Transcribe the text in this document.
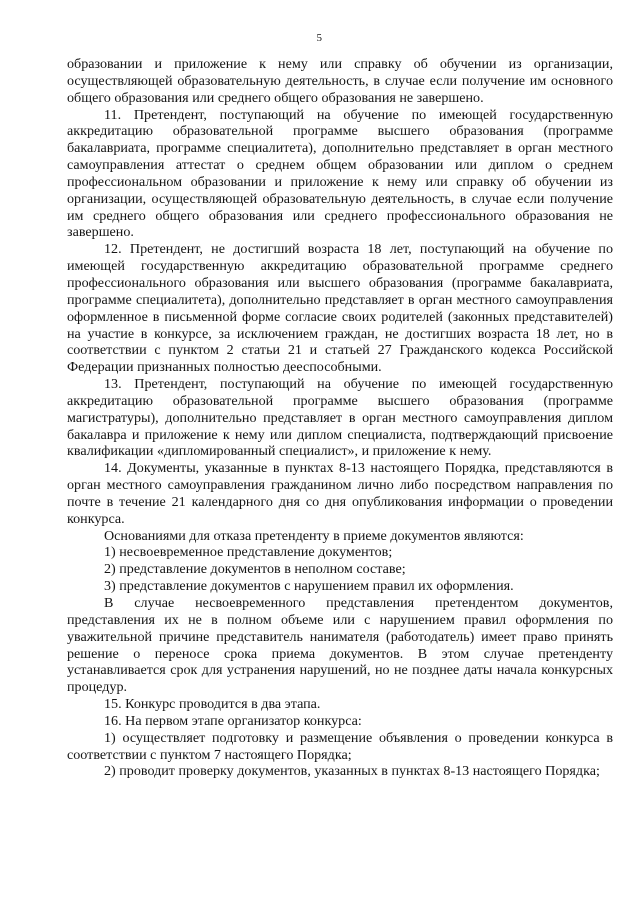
5

образовании и приложение к нему или справку об обучении из организации, осуществляющей образовательную деятельность, в случае если получение им основного общего образования или среднего общего образования не завершено.

11. Претендент, поступающий на обучение по имеющей государственную аккредитацию образовательной программе высшего образования (программе бакалавриата, программе специалитета), дополнительно представляет в орган местного самоуправления аттестат о среднем общем образовании или диплом о среднем профессиональном образовании и приложение к нему или справку об обучении из организации, осуществляющей образовательную деятельность, в случае если получение им среднего общего образования или среднего профессионального образования не завершено.

12. Претендент, не достигший возраста 18 лет, поступающий на обучение по имеющей государственную аккредитацию образовательной программе среднего профессионального образования или высшего образования (программе бакалавриата, программе специалитета), дополнительно представляет в орган местного самоуправления оформленное в письменной форме согласие своих родителей (законных представителей) на участие в конкурсе, за исключением граждан, не достигших возраста 18 лет, но в соответствии с пунктом 2 статьи 21 и статьей 27 Гражданского кодекса Российской Федерации признанных полностью дееспособными.

13. Претендент, поступающий на обучение по имеющей государственную аккредитацию образовательной программе высшего образования (программе магистратуры), дополнительно представляет в орган местного самоуправления диплом бакалавра и приложение к нему или диплом специалиста, подтверждающий присвоение квалификации «дипломированный специалист», и приложение к нему.

14. Документы, указанные в пунктах 8-13 настоящего Порядка, представляются в орган местного самоуправления гражданином лично либо посредством направления по почте в течение 21 календарного дня со дня опубликования информации о проведении конкурса.

Основаниями для отказа претенденту в приеме документов являются:

1) несвоевременное представление документов;

2) представление документов в неполном составе;

3) представление документов с нарушением правил их оформления.

В случае несвоевременного представления претендентом документов, представления их не в полном объеме или с нарушением правил оформления по уважительной причине представитель нанимателя (работодатель) имеет право принять решение о переносе срока приема документов. В этом случае претенденту устанавливается срок для устранения нарушений, но не позднее даты начала конкурсных процедур.

15. Конкурс проводится в два этапа.

16. На первом этапе организатор конкурса:

1) осуществляет подготовку и размещение объявления о проведении конкурса в соответствии с пунктом 7 настоящего Порядка;

2) проводит проверку документов, указанных в пунктах 8-13 настоящего Порядка;
